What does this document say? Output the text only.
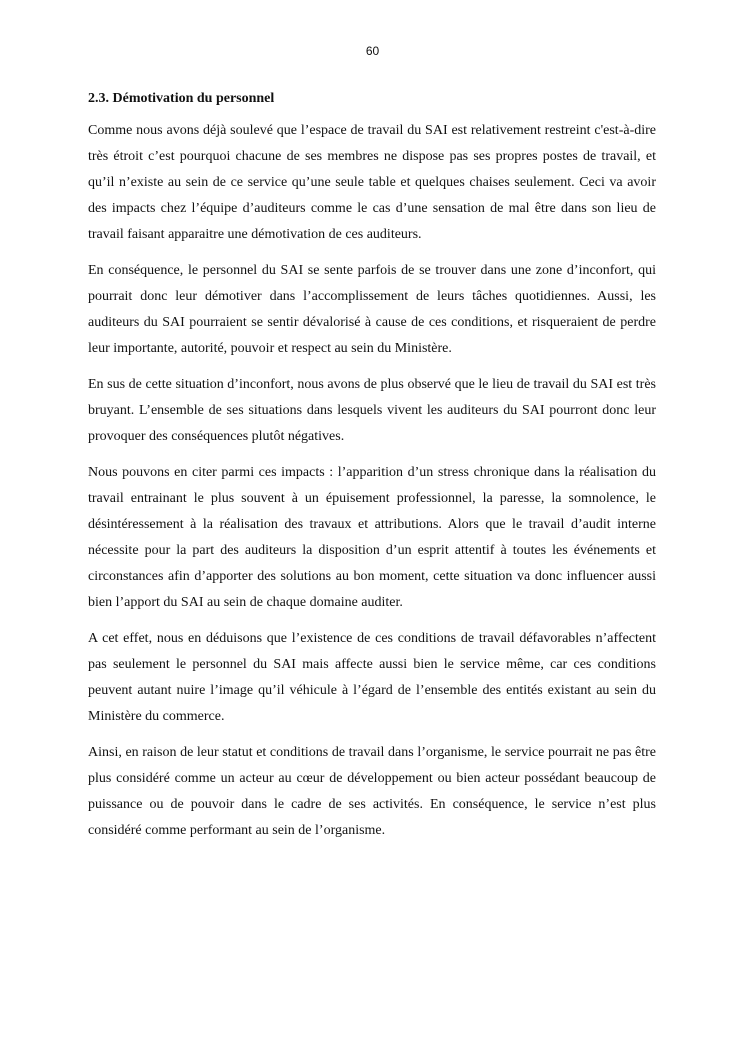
60
2.3. Démotivation du personnel

Comme nous avons déjà soulevé que l’espace de travail du SAI est relativement restreint c'est-à-dire très étroit c’est pourquoi chacune de ses membres ne dispose pas ses propres postes de travail, et qu’il n’existe au sein de ce service qu’une seule table et quelques chaises seulement. Ceci va avoir des impacts chez l’équipe d’auditeurs comme le cas d’une sensation de mal être dans son lieu de travail faisant apparaitre une démotivation de ces auditeurs.

En conséquence, le personnel du SAI se sente parfois de se trouver dans une zone d’inconfort, qui pourrait donc leur démotiver dans l’accomplissement de leurs tâches quotidiennes. Aussi, les auditeurs du SAI pourraient se sentir dévalorisé à cause de ces conditions, et risqueraient de perdre leur importante, autorité, pouvoir et respect au sein du Ministère.

En sus de cette situation d’inconfort, nous avons de plus observé que le lieu de travail du SAI est très bruyant. L’ensemble de ses situations dans lesquels vivent les auditeurs du SAI pourront donc leur provoquer des conséquences plutôt négatives.

Nous pouvons en citer parmi ces impacts : l’apparition d’un stress chronique dans la réalisation du travail entrainant le plus souvent à un épuisement professionnel, la paresse, la somnolence, le désintéressement à la réalisation des travaux et attributions. Alors que le travail d’audit interne nécessite pour la part des auditeurs la disposition d’un esprit attentif à toutes les événements et circonstances afin d’apporter des solutions au bon moment, cette situation va donc influencer aussi bien l’apport du SAI au sein de chaque domaine auditer.

A cet effet, nous en déduisons que l’existence de ces conditions de travail défavorables n’affectent pas seulement le personnel du SAI mais affecte aussi bien le service même, car ces conditions peuvent autant nuire l’image qu’il véhicule à l’égard de l’ensemble des entités existant au sein du Ministère du commerce.

Ainsi, en raison de leur statut et conditions de travail dans l’organisme, le service pourrait ne pas être plus considéré comme un acteur au cœur de développement ou bien acteur possédant beaucoup de puissance ou de pouvoir dans le cadre de ses activités. En conséquence, le service n’est plus considéré comme performant au sein de l’organisme.
